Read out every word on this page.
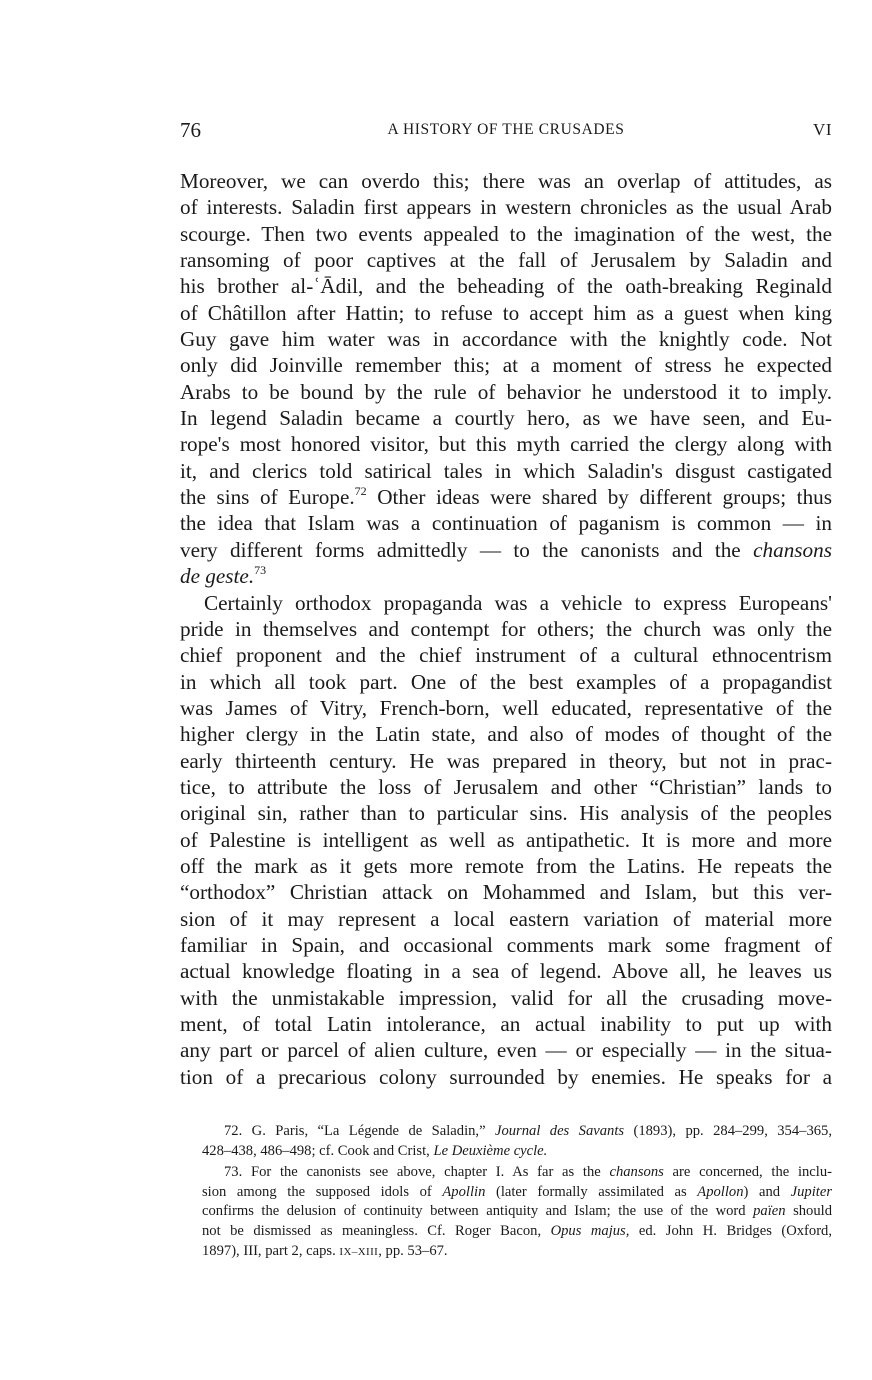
76	A HISTORY OF THE CRUSADES	VI

Moreover, we can overdo this; there was an overlap of attitudes, as
of interests. Saladin first appears in western chronicles as the usual Arab
scourge. Then two events appealed to the imagination of the west, the
ransoming of poor captives at the fall of Jerusalem by Saladin and
his brother al-ʿĀdil, and the beheading of the oath-breaking Reginald
of Châtillon after Hattin; to refuse to accept him as a guest when king
Guy gave him water was in accordance with the knightly code. Not
only did Joinville remember this; at a moment of stress he expected
Arabs to be bound by the rule of behavior he understood it to imply.
In legend Saladin became a courtly hero, as we have seen, and Eu-
rope's most honored visitor, but this myth carried the clergy along with
it, and clerics told satirical tales in which Saladin's disgust castigated
the sins of Europe.$^{72}$ Other ideas were shared by different groups; thus
the idea that Islam was a continuation of paganism is common — in
very different forms admittedly — to the canonists and the chansons
de geste.$^{73}$

Certainly orthodox propaganda was a vehicle to express Europeans'
pride in themselves and contempt for others; the church was only the
chief proponent and the chief instrument of a cultural ethnocentrism
in which all took part. One of the best examples of a propagandist
was James of Vitry, French-born, well educated, representative of the
higher clergy in the Latin state, and also of modes of thought of the
early thirteenth century. He was prepared in theory, but not in prac-
tice, to attribute the loss of Jerusalem and other “Christian” lands to
original sin, rather than to particular sins. His analysis of the peoples
of Palestine is intelligent as well as antipathetic. It is more and more
off the mark as it gets more remote from the Latins. He repeats the
“orthodox” Christian attack on Mohammed and Islam, but this ver-
sion of it may represent a local eastern variation of material more
familiar in Spain, and occasional comments mark some fragment of
actual knowledge floating in a sea of legend. Above all, he leaves us
with the unmistakable impression, valid for all the crusading move-
ment, of total Latin intolerance, an actual inability to put up with
any part or parcel of alien culture, even — or especially — in the situa-
tion of a precarious colony surrounded by enemies. He speaks for a

72. G. Paris, “La Légende de Saladin,” Journal des Savants (1893), pp. 284–299, 354–365,
428–438, 486–498; cf. Cook and Crist, Le Deuxième cycle.

73. For the canonists see above, chapter I. As far as the chansons are concerned, the inclu-
sion among the supposed idols of Apollin (later formally assimilated as Apollon) and Jupiter
confirms the delusion of continuity between antiquity and Islam; the use of the word païen should
not be dismissed as meaningless. Cf. Roger Bacon, Opus majus, ed. John H. Bridges (Oxford,
1897), III, part 2, caps. IX–XIII, pp. 53–67.
